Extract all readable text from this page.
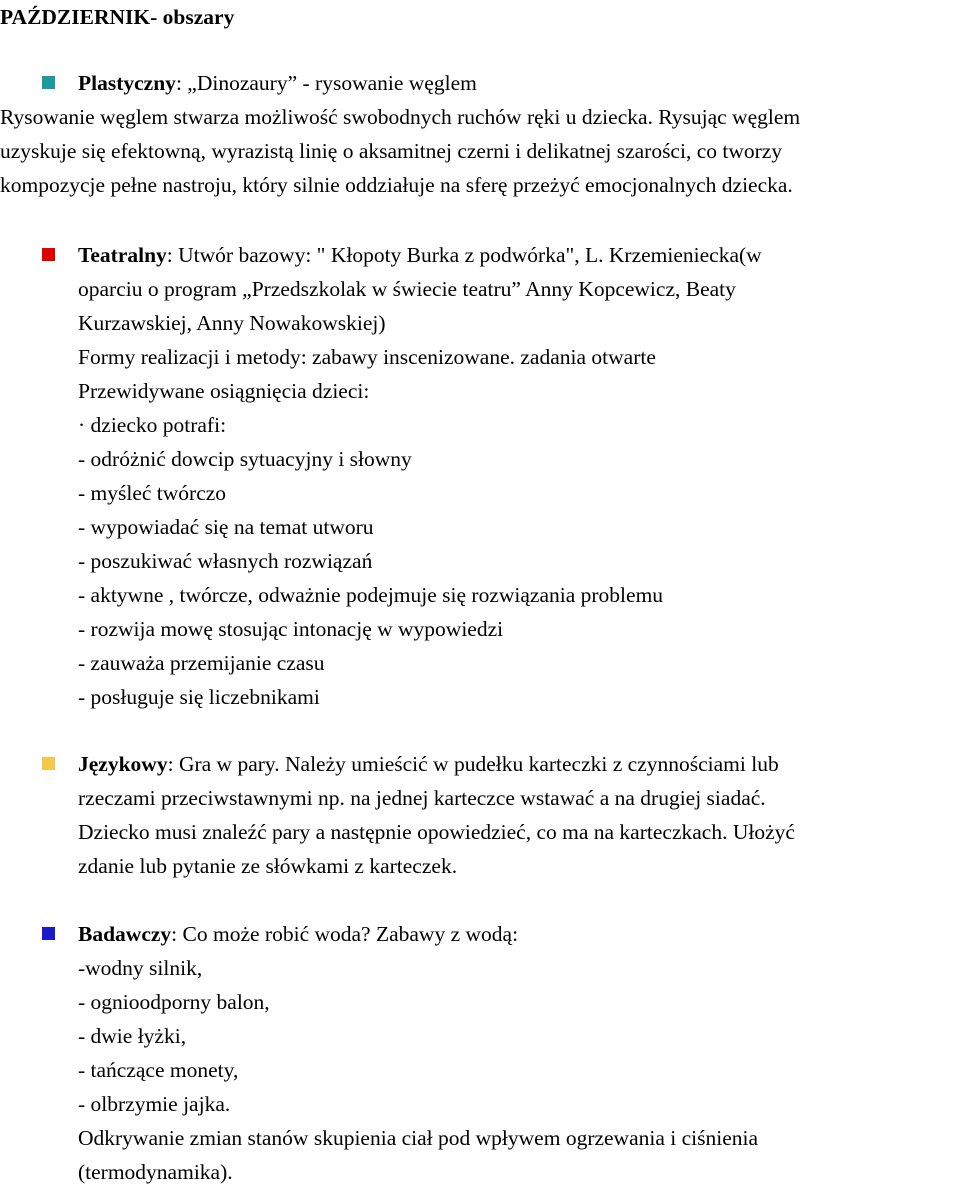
PAŹDZIERNIK- obszary
Plastyczny: „Dinozaury” - rysowanie węglem
Rysowanie węglem stwarza możliwość swobodnych ruchów ręki u dziecka. Rysując węglem
uzyskuje się efektowną, wyrazistą linię o aksamitnej czerni i delikatnej szarości, co tworzy
kompozycje pełne nastroju, który silnie oddziałuje na sferę przeżyć emocjonalnych dziecka.
Teatralny: Utwór bazowy: " Kłopoty Burka z podwórka", L. Krzemieniecka(w
oparciu o program „Przedszkolak w świecie teatru” Anny Kopcewicz, Beaty
Kurzawskiej, Anny Nowakowskiej)
Formy realizacji i metody: zabawy inscenizowane. zadania otwarte
Przewidywane osiągnięcia dzieci:
· dziecko potrafi:
- odróżnić dowcip sytuacyjny i słowny
- myśleć twórczo
- wypowiadać się na temat utworu
- poszukiwać własnych rozwiązań
- aktywne , twórcze, odważnie podejmuje się rozwiązania problemu
- rozwija mowę stosując intonację w wypowiedzi
- zauważa przemijanie czasu
- posługuje się liczebnikami
Językowy: Gra w pary. Należy umieścić w pudełku karteczki z czynnościami lub
rzeczami przeciwstawnymi np. na jednej karteczce wstawać a na drugiej siadać.
Dziecko musi znaleźć pary a następnie opowiedzieć, co ma na karteczkach. Ułożyć
zdanie lub pytanie ze słówkami z karteczek.
Badawczy: Co może robić woda? Zabawy z wodą:
-wodny silnik,
- ognioodporny balon,
- dwie łyżki,
- tańczące monety,
- olbrzymie jajka.
Odkrywanie zmian stanów skupienia ciał pod wpływem ogrzewania i ciśnienia
(termodynamika).
